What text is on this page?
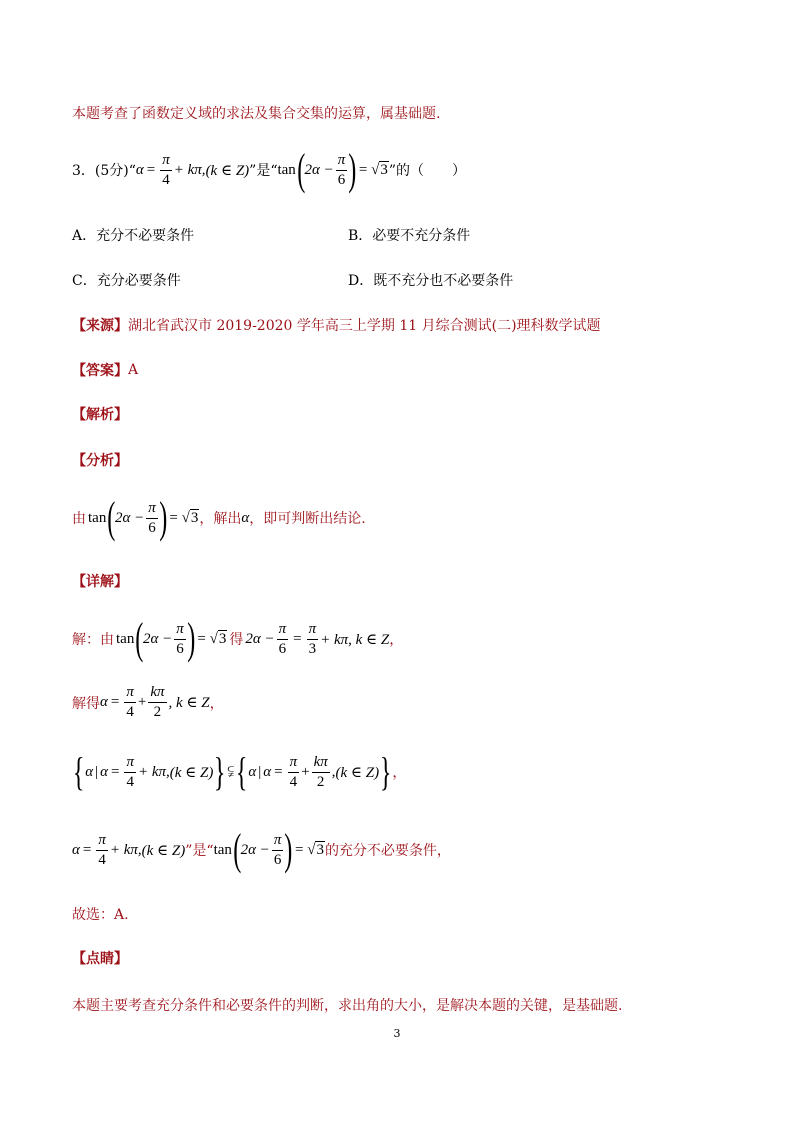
本题考查了函数定义域的求法及集合交集的运算，属基础题.
3．(5分)“ $\alpha = \frac{\pi}{4} + k\pi$, (k ∈ Z) ”是“ tan ( $2\alpha - \frac{\pi}{6}$ ) = √ 3 ”的（　　）
A．充分不必要条件	B．必要不充分条件
C．充分必要条件	D．既不充分也不必要条件
【来源】 湖北省武汉市 2019-2020 学年高三上学期 11 月综合测试(二)理科数学试题
【答案】 A
【解析】
【分析】
由 tan ( $2\alpha - \frac{\pi}{6}$ ) = √ 3 ，解出 α ，即可判断出结论.
【详解】
解：由 tan ( $2\alpha - \frac{\pi}{6}$ ) = √ 3 得 $2\alpha - \frac{\pi}{6} = \frac{\pi}{3} + k\pi$, k ∈ Z ，
解得 $\alpha = \frac{\pi}{4} + \frac{k\pi}{2}$ , k ∈ Z ，
{ α | $\alpha = \frac{\pi}{4} + k\pi$, (k ∈ Z) } ⫋ { α | $\alpha = \frac{\pi}{4} + \frac{k\pi}{2}$ , (k ∈ Z) } ，
$\alpha = \frac{\pi}{4} + k\pi$, (k ∈ Z) ”是“ tan ( $2\alpha - \frac{\pi}{6}$ ) = √ 3 的充分不必要条件，
故选：A.
【点睛】
本题主要考查充分条件和必要条件的判断，求出角的大小，是解决本题的关键，是基础题.
3
